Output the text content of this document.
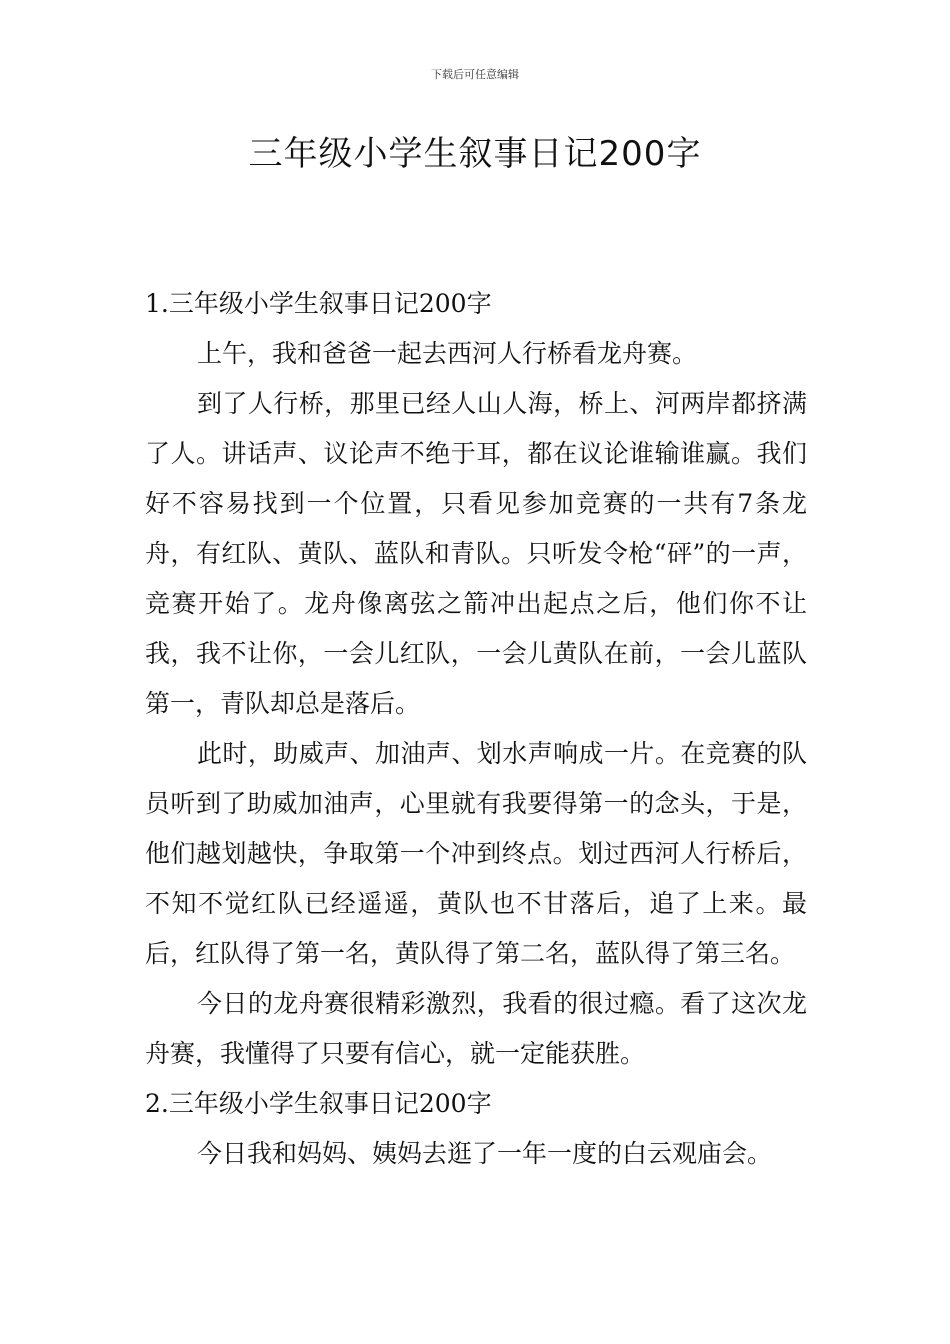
下载后可任意编辑
三年级小学生叙事日记200字
1.三年级小学生叙事日记200字

上午，我和爸爸一起去西河人行桥看龙舟赛。

到了人行桥，那里已经人山人海，桥上、河两岸都挤满了人。讲话声、议论声不绝于耳，都在议论谁输谁赢。我们好不容易找到一个位置，只看见参加竞赛的一共有7条龙舟，有红队、黄队、蓝队和青队。只听发令枪“砰”的一声，竞赛开始了。龙舟像离弦之箭冲出起点之后，他们你不让我，我不让你，一会儿红队，一会儿黄队在前，一会儿蓝队第一，青队却总是落后。

此时，助威声、加油声、划水声响成一片。在竞赛的队员听到了助威加油声，心里就有我要得第一的念头，于是，他们越划越快，争取第一个冲到终点。划过西河人行桥后，不知不觉红队已经遥遥，黄队也不甘落后，追了上来。最后，红队得了第一名，黄队得了第二名，蓝队得了第三名。

今日的龙舟赛很精彩激烈，我看的很过瘾。看了这次龙舟赛，我懂得了只要有信心，就一定能获胜。

2.三年级小学生叙事日记200字

今日我和妈妈、姨妈去逛了一年一度的白云观庙会。
